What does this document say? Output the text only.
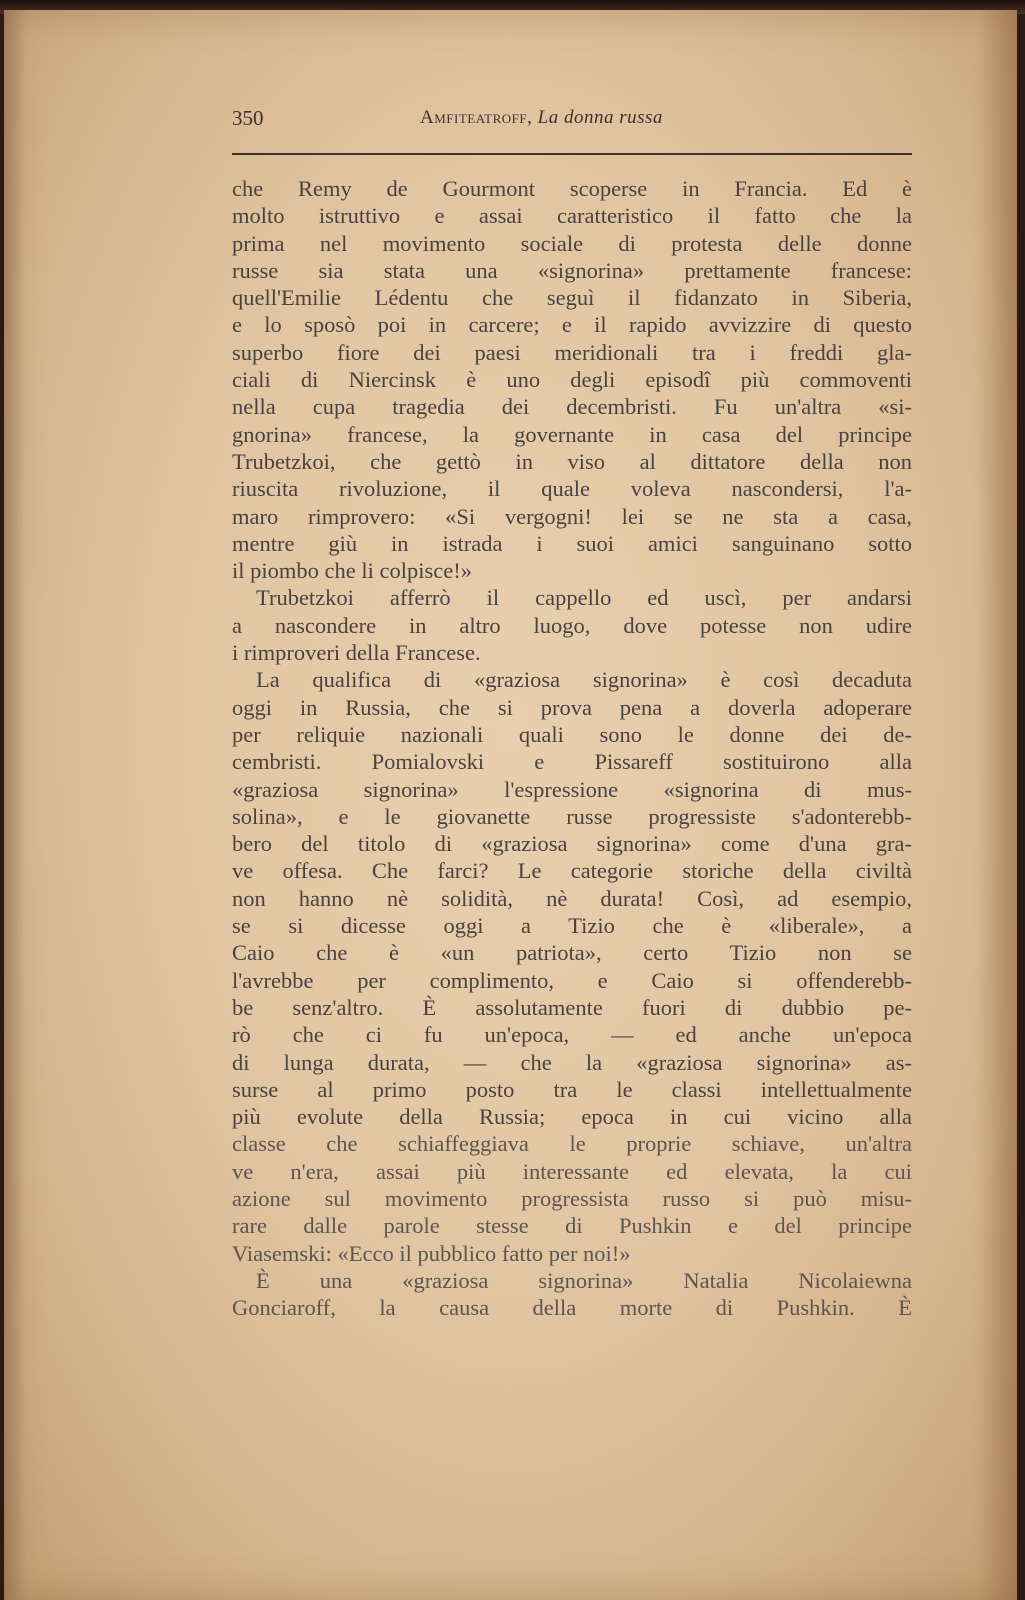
350	Amfiteatroff, La donna russa
che Remy de Gourmont scoperse in Francia. Ed è
molto istruttivo e assai caratteristico il fatto che la
prima nel movimento sociale di protesta delle donne
russe sia stata una «signorina» prettamente francese:
quell'Emilie Lédentu che seguì il fidanzato in Siberia,
e lo sposò poi in carcere; e il rapido avvizzire di questo
superbo fiore dei paesi meridionali tra i freddi gla-
ciali di Niercinsk è uno degli episodî più commoventi
nella cupa tragedia dei decembristi. Fu un'altra «si-
gnorina» francese, la governante in casa del principe
Trubetzkoi, che gettò in viso al dittatore della non
riuscita rivoluzione, il quale voleva nascondersi, l'a-
maro rimprovero: «Si vergogni! lei se ne sta a casa,
mentre giù in istrada i suoi amici sanguinano sotto
il piombo che li colpisce!»
Trubetzkoi afferrò il cappello ed uscì, per andarsi
a nascondere in altro luogo, dove potesse non udire
i rimproveri della Francese.
La qualifica di «graziosa signorina» è così decaduta
oggi in Russia, che si prova pena a doverla adoperare
per reliquie nazionali quali sono le donne dei de-
cembristi. Pomialovski e Pissareff sostituirono alla
«graziosa signorina» l'espressione «signorina di mus-
solina», e le giovanette russe progressiste s'adonterebb-
bero del titolo di «graziosa signorina» come d'una gra-
ve offesa. Che farci? Le categorie storiche della civiltà
non hanno nè solidità, nè durata! Così, ad esempio,
se si dicesse oggi a Tizio che è «liberale», a
Caio che è «un patriota», certo Tizio non se
l'avrebbe per complimento, e Caio si offenderebb-
be senz'altro. È assolutamente fuori di dubbio pe-
rò che ci fu un'epoca, — ed anche un'epoca
di lunga durata, — che la «graziosa signorina» as-
surse al primo posto tra le classi intellettualmente
più evolute della Russia; epoca in cui vicino alla
classe che schiaffeggiava le proprie schiave, un'altra
ve n'era, assai più interessante ed elevata, la cui
azione sul movimento progressista russo si può misu-
rare dalle parole stesse di Pushkin e del principe
Viasemski: «Ecco il pubblico fatto per noi!»
È una «graziosa signorina» Natalia Nicolaiewna
Gonciaroff, la causa della morte di Pushkin. È
